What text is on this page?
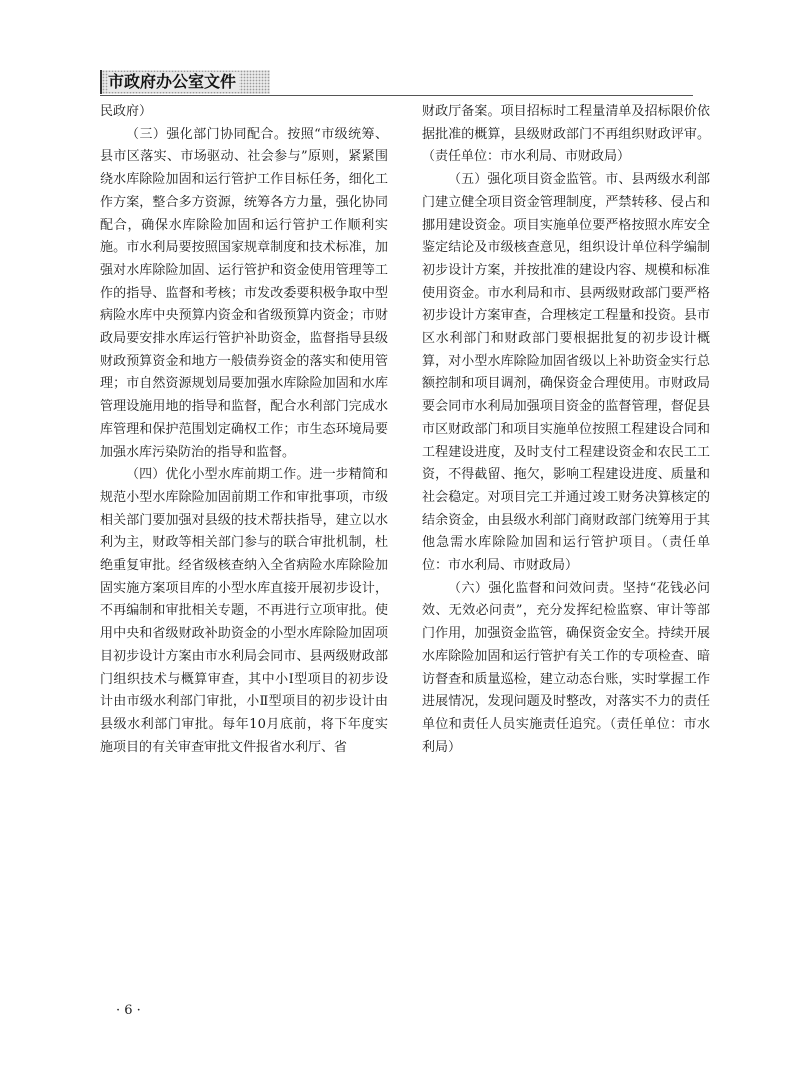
市政府办公室文件

民政府）

（三）强化部门协同配合。按照“市级统筹、县市区落实、市场驱动、社会参与”原则，紧紧围绕水库除险加固和运行管护工作目标任务，细化工作方案，整合多方资源，统筹各方力量，强化协同配合，确保水库除险加固和运行管护工作顺利实施。市水利局要按照国家规章制度和技术标准，加强对水库除险加固、运行管护和资金使用管理等工作的指导、监督和考核；市发改委要积极争取中型病险水库中央预算内资金和省级预算内资金；市财政局要安排水库运行管护补助资金，监督指导县级财政预算资金和地方一般债券资金的落实和使用管理；市自然资源规划局要加强水库除险加固和水库管理设施用地的指导和监督，配合水利部门完成水库管理和保护范围划定确权工作；市生态环境局要加强水库污染防治的指导和监督。

（四）优化小型水库前期工作。进一步精简和规范小型水库除险加固前期工作和审批事项，市级相关部门要加强对县级的技术帮扶指导，建立以水利为主，财政等相关部门参与的联合审批机制，杜绝重复审批。经省级核查纳入全省病险水库除险加固实施方案项目库的小型水库直接开展初步设计，不再编制和审批相关专题，不再进行立项审批。使用中央和省级财政补助资金的小型水库除险加固项目初步设计方案由市水利局会同市、县两级财政部门组织技术与概算审查，其中小Ⅰ型项目的初步设计由市级水利部门审批，小Ⅱ型项目的初步设计由县级水利部门审批。每年10月底前，将下年度实施项目的有关审查审批文件报省水利厅、省

财政厅备案。项目招标时工程量清单及招标限价依据批准的概算，县级财政部门不再组织财政评审。（责任单位：市水利局、市财政局）

（五）强化项目资金监管。市、县两级水利部门建立健全项目资金管理制度，严禁转移、侵占和挪用建设资金。项目实施单位要严格按照水库安全鉴定结论及市级核查意见，组织设计单位科学编制初步设计方案，并按批准的建设内容、规模和标准使用资金。市水利局和市、县两级财政部门要严格初步设计方案审查，合理核定工程量和投资。县市区水利部门和财政部门要根据批复的初步设计概算，对小型水库除险加固省级以上补助资金实行总额控制和项目调剂，确保资金合理使用。市财政局要会同市水利局加强项目资金的监督管理，督促县市区财政部门和项目实施单位按照工程建设合同和工程建设进度，及时支付工程建设资金和农民工工资，不得截留、拖欠，影响工程建设进度、质量和社会稳定。对项目完工并通过竣工财务决算核定的结余资金，由县级水利部门商财政部门统筹用于其他急需水库除险加固和运行管护项目。（责任单位：市水利局、市财政局）

（六）强化监督和问效问责。坚持“花钱必问效、无效必问责”，充分发挥纪检监察、审计等部门作用，加强资金监管，确保资金安全。持续开展水库除险加固和运行管护有关工作的专项检查、暗访督查和质量巡检，建立动态台账，实时掌握工作进展情况，发现问题及时整改，对落实不力的责任单位和责任人员实施责任追究。（责任单位：市水利局）

· 6 ·
